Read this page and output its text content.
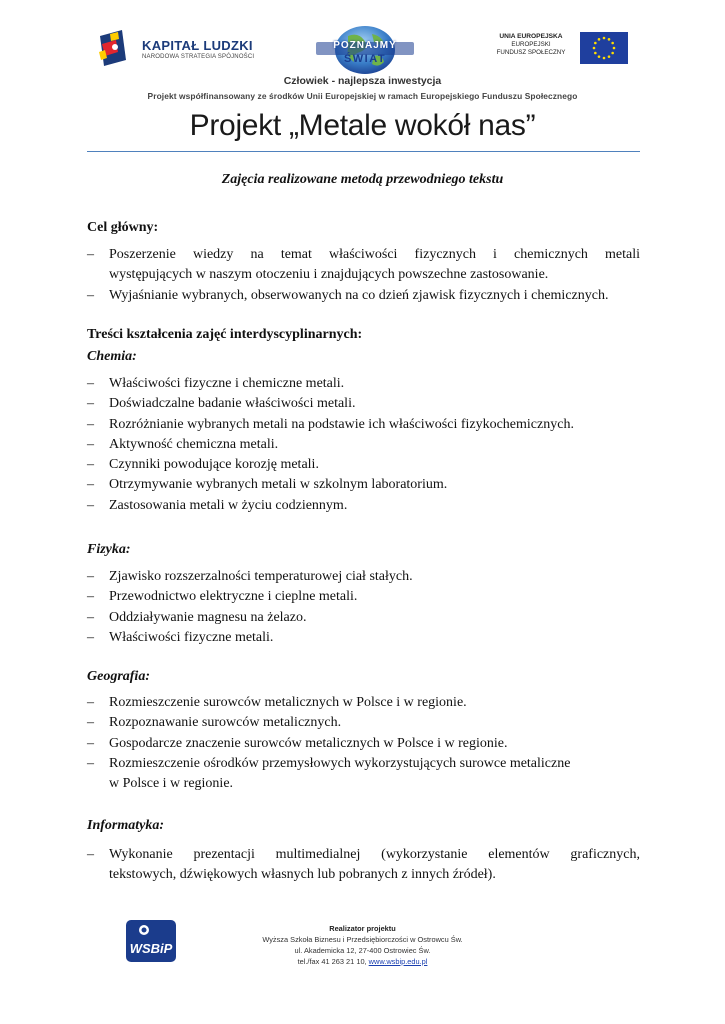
KAPITAŁ LUDZKI
NARODOWA STRATEGIA SPÓJNOŚCI
POZNAJMY
ŚWIAT
UNIA EUROPEJSKA
EUROPEJSKI
FUNDUSZ SPOŁECZNY
Człowiek - najlepsza inwestycja
Projekt współfinansowany ze środków Unii Europejskiej w ramach Europejskiego Funduszu Społecznego
Projekt „Metale wokół nas”
Zajęcia realizowane metodą przewodniego tekstu
Cel główny:
– Poszerzenie wiedzy na temat właściwości fizycznych i chemicznych metali
występujących w naszym otoczeniu i znajdujących powszechne zastosowanie.
– Wyjaśnianie wybranych, obserwowanych na co dzień zjawisk fizycznych i chemicznych.
Treści kształcenia zajęć interdyscyplinarnych:
Chemia:
– Właściwości fizyczne i chemiczne metali.
– Doświadczalne badanie właściwości metali.
– Rozróżnianie wybranych metali na podstawie ich właściwości fizykochemicznych.
– Aktywność chemiczna metali.
– Czynniki powodujące korozję metali.
– Otrzymywanie wybranych metali w szkolnym laboratorium.
– Zastosowania metali w życiu codziennym.
Fizyka:
– Zjawisko rozszerzalności temperaturowej ciał stałych.
– Przewodnictwo elektryczne i cieplne metali.
– Oddziaływanie magnesu na żelazo.
– Właściwości fizyczne metali.
Geografia:
– Rozmieszczenie surowców metalicznych w Polsce i w regionie.
– Rozpoznawanie surowców metalicznych.
– Gospodarcze znaczenie surowców metalicznych w Polsce i w regionie.
– Rozmieszczenie ośrodków przemysłowych wykorzystujących surowce metaliczne
w Polsce i w regionie.
Informatyka:
– Wykonanie prezentacji multimedialnej (wykorzystanie elementów graficznych,
tekstowych, dźwiękowych własnych lub pobranych z innych źródeł).
WSBiP
Realizator projektu
Wyższa Szkoła Biznesu i Przedsiębiorczości w Ostrowcu Św.
ul. Akademicka 12, 27-400 Ostrowiec Św.
tel./fax 41 263 21 10, www.wsbip.edu.pl
